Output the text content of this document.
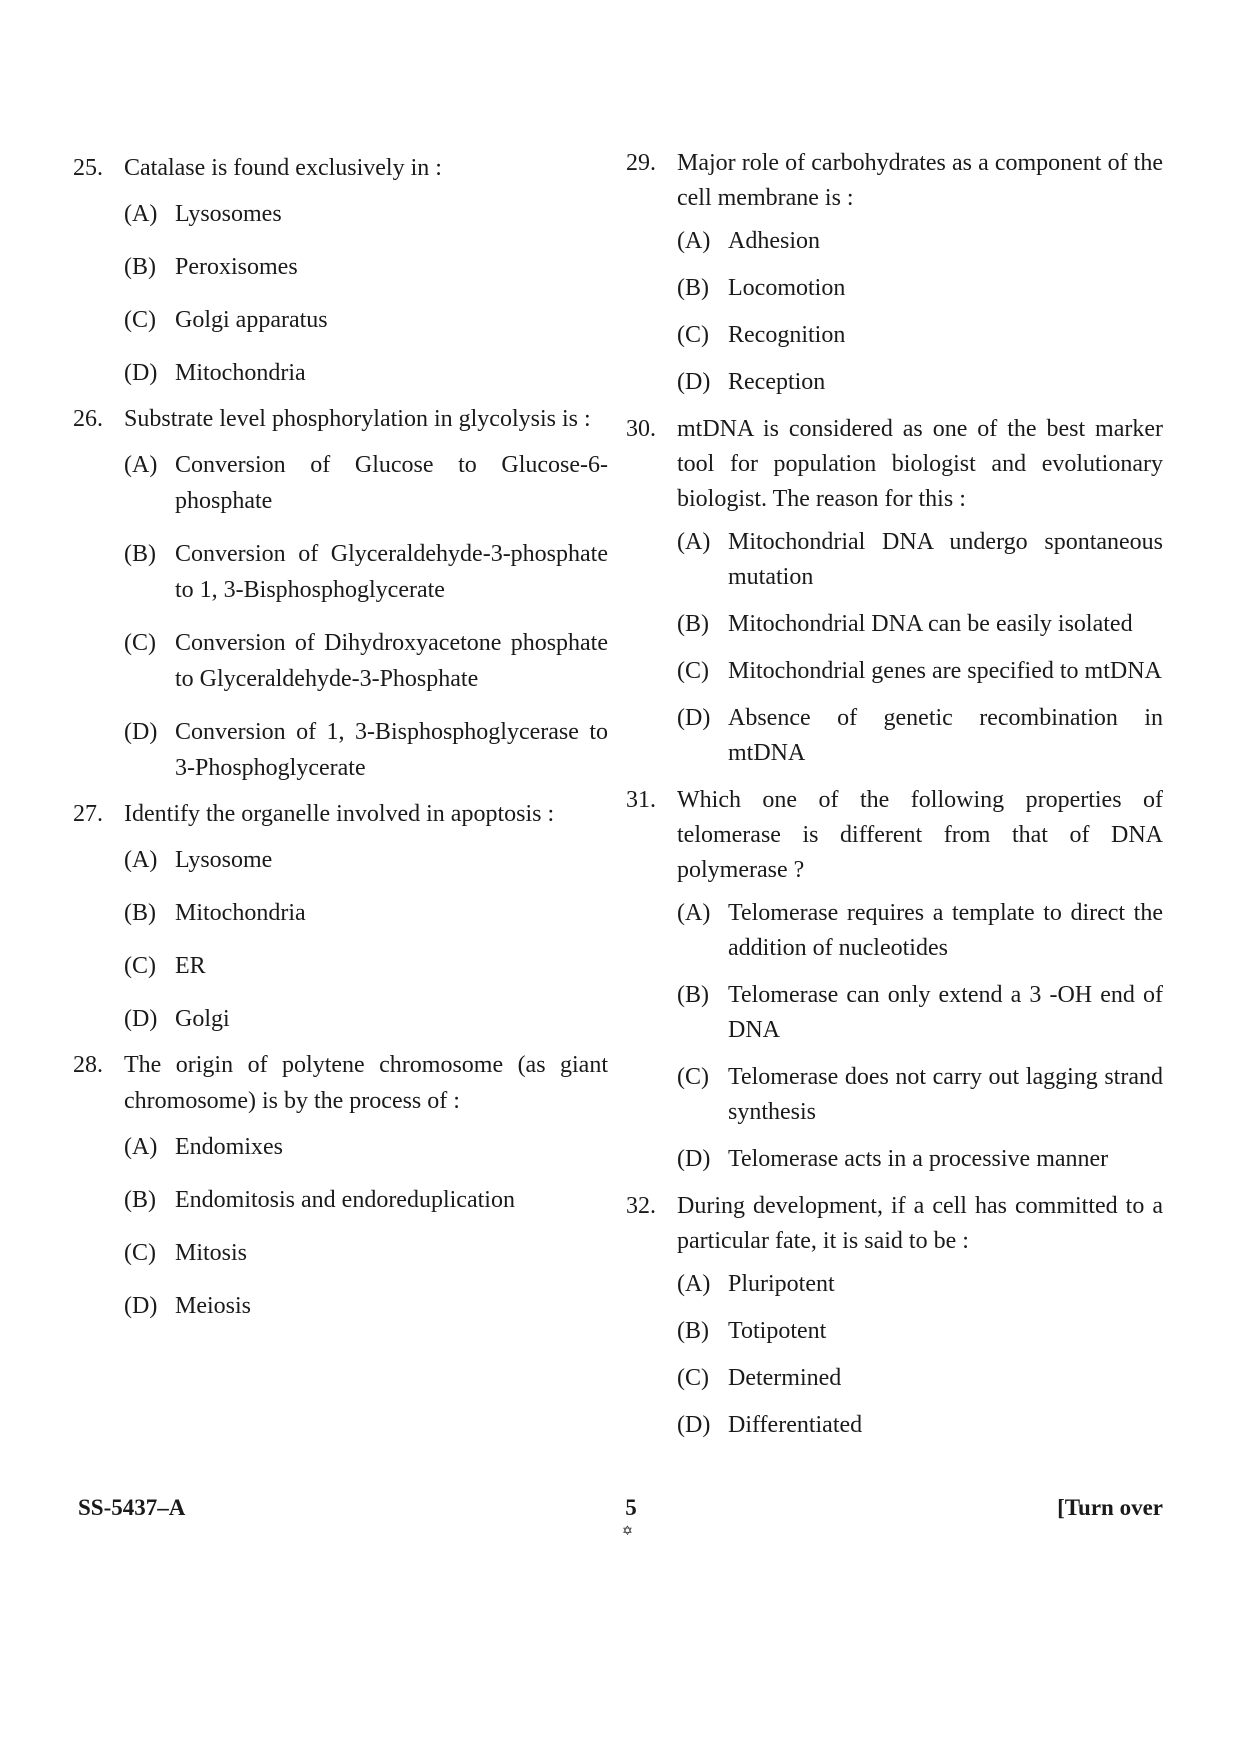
25. Catalase is found exclusively in :
(A) Lysosomes
(B) Peroxisomes
(C) Golgi apparatus
(D) Mitochondria
26. Substrate level phosphorylation in glycolysis is :
(A) Conversion of Glucose to Glucose-6-phosphate
(B) Conversion of Glyceraldehyde-3-phosphate to 1, 3-Bisphosphoglycerate
(C) Conversion of Dihydroxyacetone phosphate to Glyceraldehyde-3-Phosphate
(D) Conversion of 1, 3-Bisphosphoglycerase to 3-Phosphoglycerate
27. Identify the organelle involved in apoptosis :
(A) Lysosome
(B) Mitochondria
(C) ER
(D) Golgi
28. The origin of polytene chromosome (as giant chromosome) is by the process of :
(A) Endomixes
(B) Endomitosis and endoreduplication
(C) Mitosis
(D) Meiosis
29. Major role of carbohydrates as a component of the cell membrane is :
(A) Adhesion
(B) Locomotion
(C) Recognition
(D) Reception
30. mtDNA is considered as one of the best marker tool for population biologist and evolutionary biologist. The reason for this :
(A) Mitochondrial DNA undergo spontaneous mutation
(B) Mitochondrial DNA can be easily isolated
(C) Mitochondrial genes are specified to mtDNA
(D) Absence of genetic recombination in mtDNA
31. Which one of the following properties of telomerase is different from that of DNA polymerase ?
(A) Telomerase requires a template to direct the addition of nucleotides
(B) Telomerase can only extend a 3 -OH end of DNA
(C) Telomerase does not carry out lagging strand synthesis
(D) Telomerase acts in a processive manner
32. During development, if a cell has committed to a particular fate, it is said to be :
(A) Pluripotent
(B) Totipotent
(C) Determined
(D) Differentiated
SS-5437–A	5
✡
[Turn over
